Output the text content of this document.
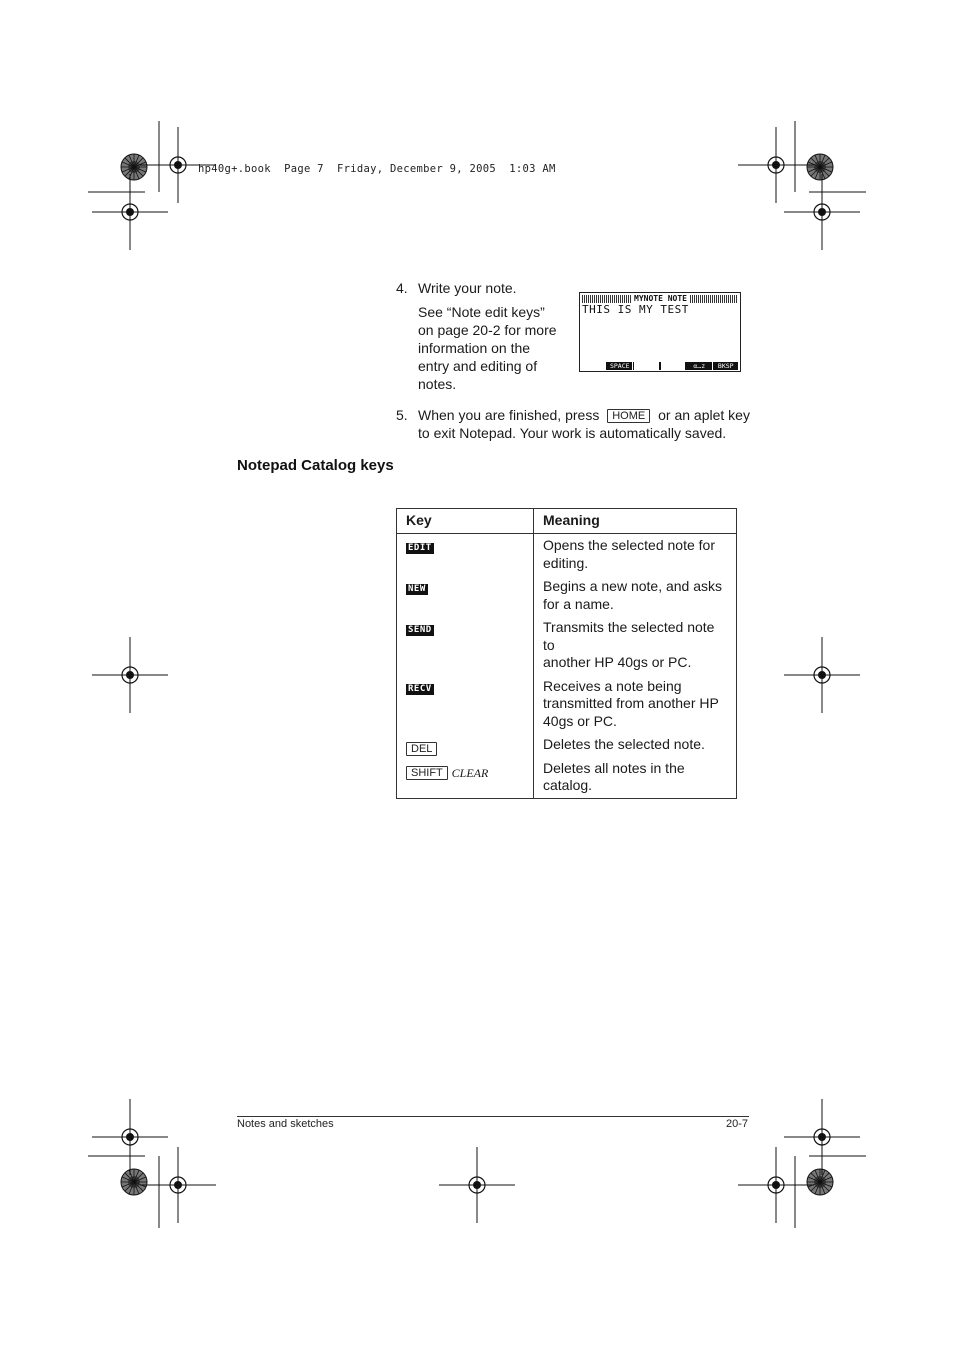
hp40g+.book  Page 7  Friday, December 9, 2005  1:03 AM
4. Write your note.
See “Note edit keys”
on page 20-2 for more
information on the
entry and editing of
notes.
MYNOTE NOTE
THIS IS MY TEST
SPACE	α…z	BKSP
5. When you are finished, press HOME or an aplet key
to exit Notepad. Your work is automatically saved.
Notepad Catalog keys
Key	Meaning
EDIT	Opens the selected note for
editing.

NEW	Begins a new note, and asks
for a name.

SEND	Transmits the selected note to
another HP 40gs or PC.

RECV	Receives a note being
transmitted from another HP
40gs or PC.

DEL	Deletes the selected note.

SHIFT CLEAR	Deletes all notes in the
catalog.
Notes and sketches	20-7
